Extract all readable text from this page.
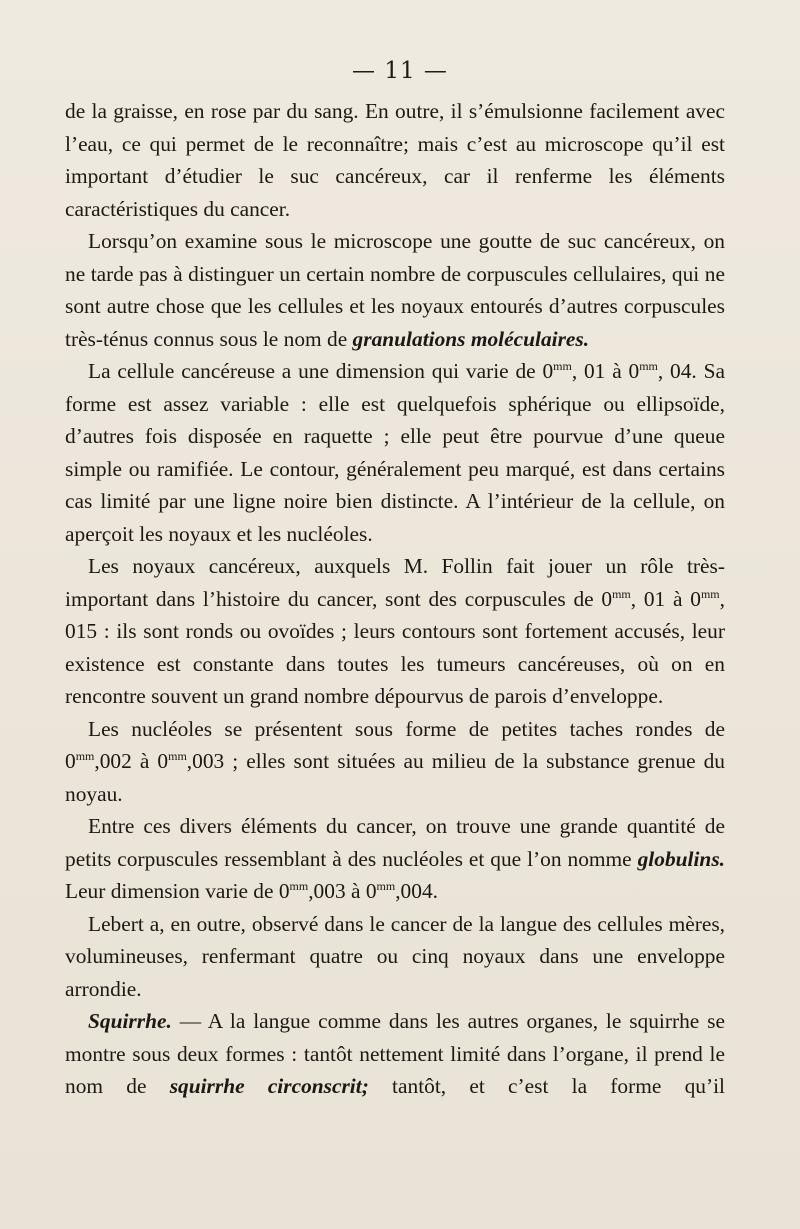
— 11 —

de la graisse, en rose par du sang. En outre, il s’émulsionne facilement avec l’eau, ce qui permet de le reconnaître; mais c’est au microscope qu’il est important d’étudier le suc cancéreux, car il renferme les éléments caractéristiques du cancer.

Lorsqu’on examine sous le microscope une goutte de suc cancéreux, on ne tarde pas à distinguer un certain nombre de corpuscules cellulaires, qui ne sont autre chose que les cellules et les noyaux entourés d’autres corpuscules très-ténus connus sous le nom de granulations moléculaires.

La cellule cancéreuse a une dimension qui varie de $0^{mm}$, 01 à $0^{mm}$, 04. Sa forme est assez variable : elle est quelquefois sphérique ou ellipsoïde, d’autres fois disposée en raquette ; elle peut être pourvue d’une queue simple ou ramifiée. Le contour, généralement peu marqué, est dans certains cas limité par une ligne noire bien distincte. A l’intérieur de la cellule, on aperçoit les noyaux et les nucléoles.

Les noyaux cancéreux, auxquels M. Follin fait jouer un rôle très-important dans l’histoire du cancer, sont des corpuscules de $0^{mm}$, 01 à $0^{mm}$, 015 : ils sont ronds ou ovoïdes ; leurs contours sont fortement accusés, leur existence est constante dans toutes les tumeurs cancéreuses, où on en rencontre souvent un grand nombre dépourvus de parois d’enveloppe.

Les nucléoles se présentent sous forme de petites taches rondes de $0^{mm},002$ à $0^{mm},003$ ; elles sont situées au milieu de la substance grenue du noyau.

Entre ces divers éléments du cancer, on trouve une grande quantité de petits corpuscules ressemblant à des nucléoles et que l’on nomme globulins. Leur dimension varie de $0^{mm},003$ à $0^{mm},004$.

Lebert a, en outre, observé dans le cancer de la langue des cellules mères, volumineuses, renfermant quatre ou cinq noyaux dans une enveloppe arrondie.

Squirrhe. — A la langue comme dans les autres organes, le squirrhe se montre sous deux formes : tantôt nettement limité dans l’organe, il prend le nom de squirrhe circonscrit; tantôt, et c’est la forme qu’il
